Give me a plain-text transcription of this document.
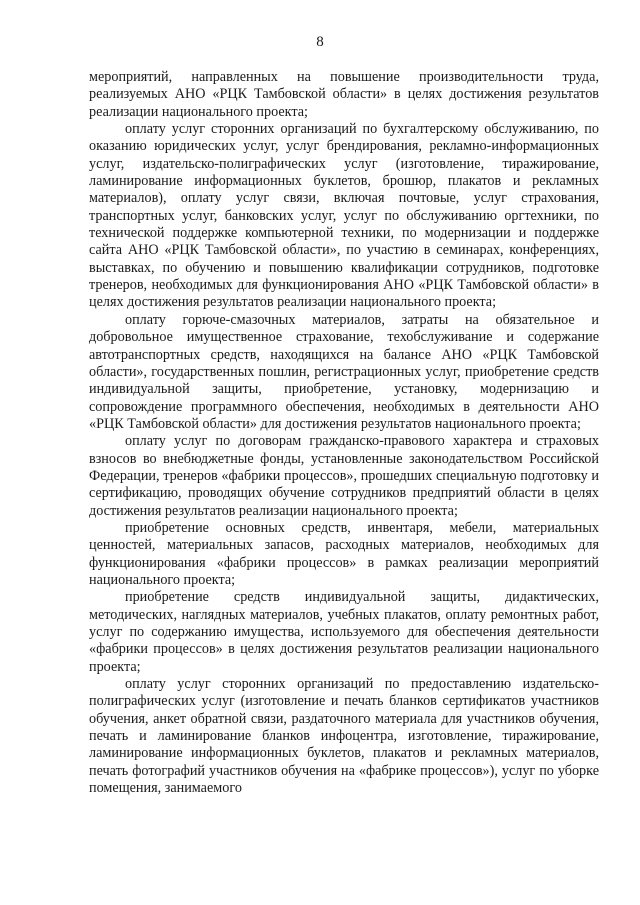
8

мероприятий, направленных на повышение производительности труда, реализуемых АНО «РЦК Тамбовской области» в целях достижения результатов реализации национального проекта;

оплату услуг сторонних организаций по бухгалтерскому обслуживанию, по оказанию юридических услуг, услуг брендирования, рекламно-информационных услуг, издательско-полиграфических услуг (изготовление, тиражирование, ламинирование информационных буклетов, брошюр, плакатов и рекламных материалов), оплату услуг связи, включая почтовые, услуг страхования, транспортных услуг, банковских услуг, услуг по обслуживанию оргтехники, по технической поддержке компьютерной техники, по модернизации и поддержке сайта АНО «РЦК Тамбовской области», по участию в семинарах, конференциях, выставках, по обучению и повышению квалификации сотрудников, подготовке тренеров, необходимых для функционирования АНО «РЦК Тамбовской области» в целях достижения результатов реализации национального проекта;

оплату горюче-смазочных материалов, затраты на обязательное и добровольное имущественное страхование, техобслуживание и содержание автотранспортных средств, находящихся на балансе АНО «РЦК Тамбовской области», государственных пошлин, регистрационных услуг, приобретение средств индивидуальной защиты, приобретение, установку, модернизацию и сопровождение программного обеспечения, необходимых в деятельности АНО «РЦК Тамбовской области» для достижения результатов национального проекта;

оплату услуг по договорам гражданско-правового характера и страховых взносов во внебюджетные фонды, установленные законодательством Российской Федерации, тренеров «фабрики процессов», прошедших специальную подготовку и сертификацию, проводящих обучение сотрудников предприятий области в целях достижения результатов реализации национального проекта;

приобретение основных средств, инвентаря, мебели, материальных ценностей, материальных запасов, расходных материалов, необходимых для функционирования «фабрики процессов» в рамках реализации мероприятий национального проекта;

приобретение средств индивидуальной защиты, дидактических, методических, наглядных материалов, учебных плакатов, оплату ремонтных работ, услуг по содержанию имущества, используемого для обеспечения деятельности «фабрики процессов» в целях достижения результатов реализации национального проекта;

оплату услуг сторонних организаций по предоставлению издательско-полиграфических услуг (изготовление и печать бланков сертификатов участников обучения, анкет обратной связи, раздаточного материала для участников обучения, печать и ламинирование бланков инфоцентра, изготовление, тиражирование, ламинирование информационных буклетов, плакатов и рекламных материалов, печать фотографий участников обучения на «фабрике процессов»), услуг по уборке помещения, занимаемого
